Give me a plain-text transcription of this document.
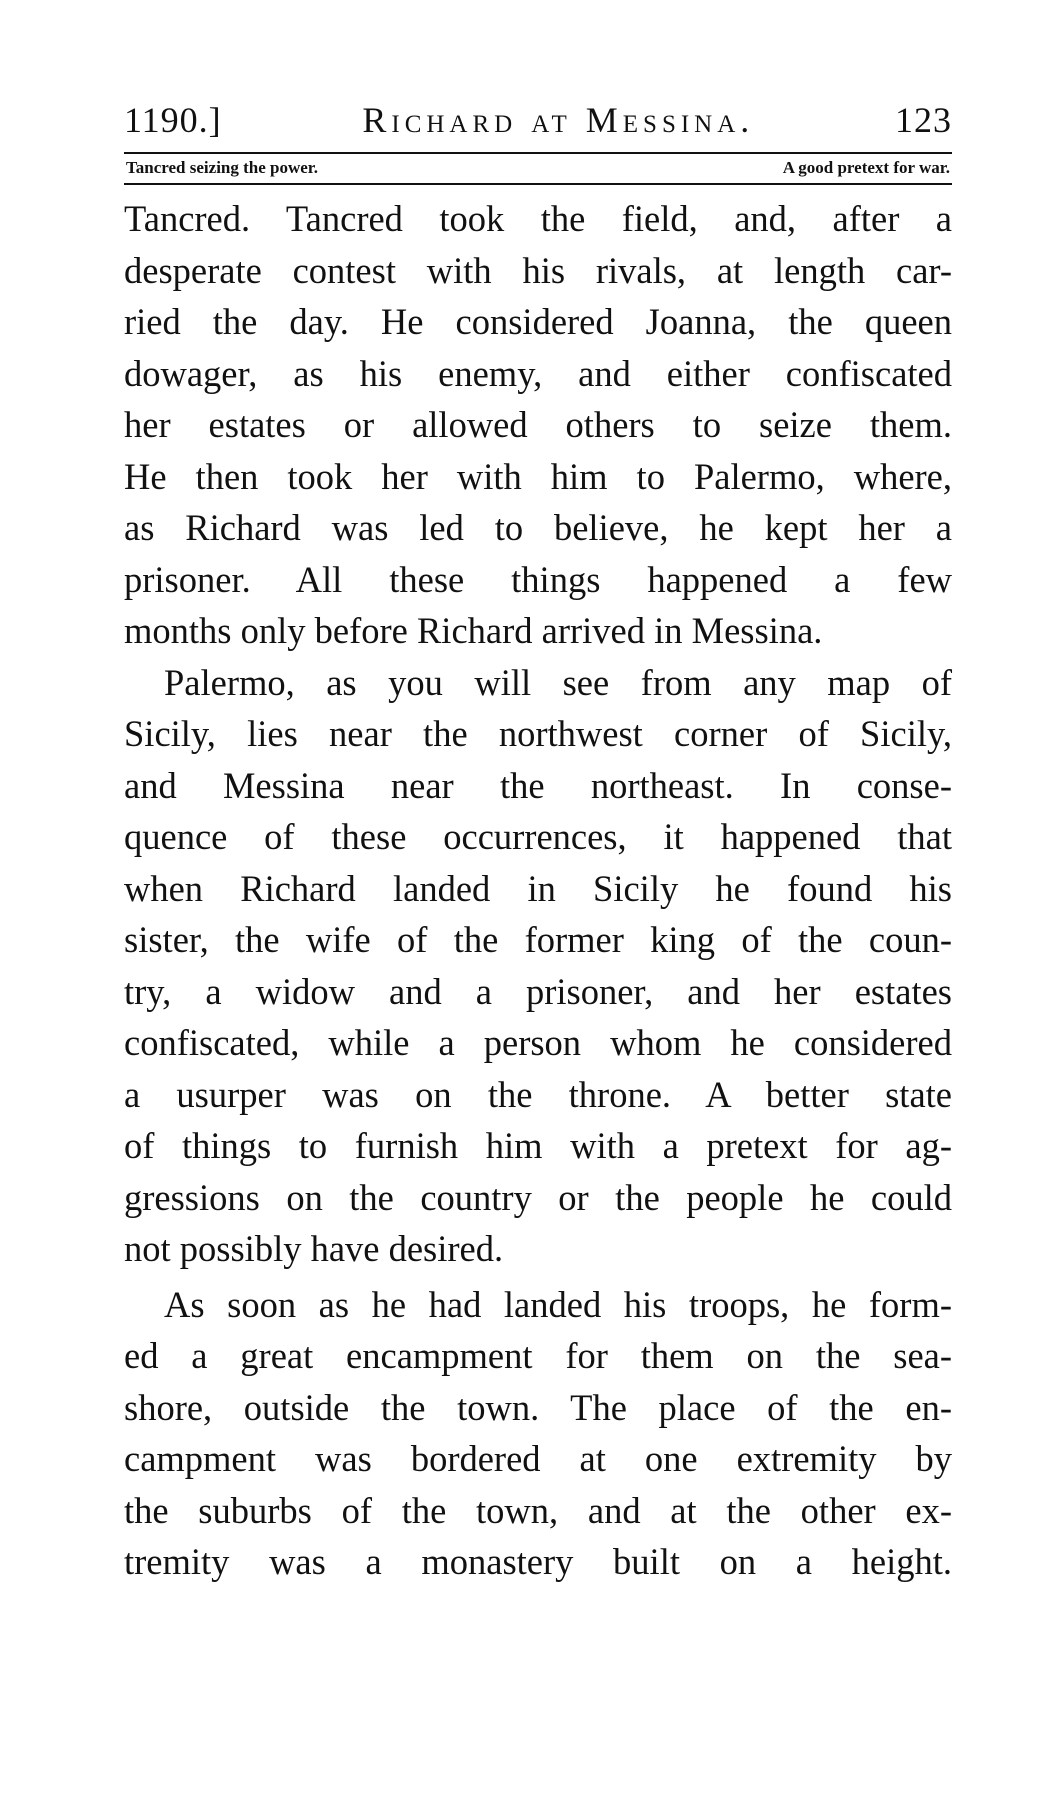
1190.]	Richard at Messina.	123
Tancred seizing the power.	A good pretext for war.

Tancred. Tancred took the field, and, after a

desperate contest with his rivals, at length car-

ried the day. He considered Joanna, the queen

dowager, as his enemy, and either confiscated

her estates or allowed others to seize them.

He then took her with him to Palermo, where,

as Richard was led to believe, he kept her a

prisoner. All these things happened a few

months only before Richard arrived in Messina.

Palermo, as you will see from any map of

Sicily, lies near the northwest corner of Sicily,

and Messina near the northeast. In conse-

quence of these occurrences, it happened that

when Richard landed in Sicily he found his

sister, the wife of the former king of the coun-

try, a widow and a prisoner, and her estates

confiscated, while a person whom he considered

a usurper was on the throne. A better state

of things to furnish him with a pretext for ag-

gressions on the country or the people he could

not possibly have desired.

As soon as he had landed his troops, he form-

ed a great encampment for them on the sea-

shore, outside the town. The place of the en-

campment was bordered at one extremity by

the suburbs of the town, and at the other ex-

tremity was a monastery built on a height.
